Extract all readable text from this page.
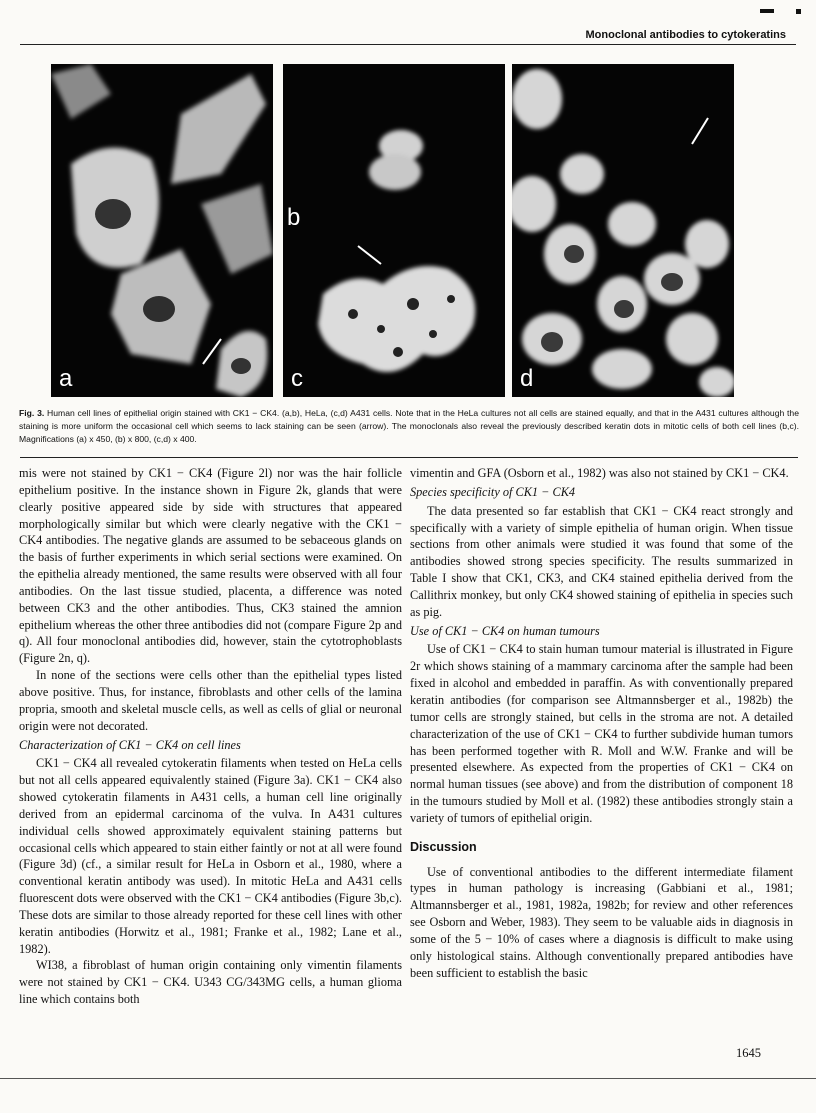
Monoclonal antibodies to cytokeratins
a
b
c	d
Fig. 3. Human cell lines of epithelial origin stained with CK1 − CK4. (a,b), HeLa, (c,d) A431 cells. Note that in the HeLa cultures not all cells are stained equally, and that in the A431 cultures although the staining is more uniform the occasional cell which seems to lack staining can be seen (arrow). The monoclonals also reveal the previously described keratin dots in mitotic cells of both cell lines (b,c). Magnifications (a) x 450, (b) x 800, (c,d) x 400.

mis were not stained by CK1 − CK4 (Figure 2l) nor was the hair follicle epithelium positive. In the instance shown in Figure 2k, glands that were clearly positive appeared side by side with structures that appeared morphologically similar but which were clearly negative with the CK1 − CK4 antibodies. The negative glands are assumed to be sebaceous glands on the basis of further experiments in which serial sections were examined. On the epithelia already mentioned, the same results were observed with all four antibodies. On the last tissue studied, placenta, a difference was noted between CK3 and the other antibodies. Thus, CK3 stained the amnion epithelium whereas the other three antibodies did not (compare Figure 2p and q). All four monoclonal antibodies did, however, stain the cytotrophoblasts (Figure 2n, q).

In none of the sections were cells other than the epithelial types listed above positive. Thus, for instance, fibroblasts and other cells of the lamina propria, smooth and skeletal muscle cells, as well as cells of glial or neuronal origin were not decorated.

Characterization of CK1 − CK4 on cell lines

CK1 − CK4 all revealed cytokeratin filaments when tested on HeLa cells but not all cells appeared equivalently stained (Figure 3a). CK1 − CK4 also showed cytokeratin filaments in A431 cells, a human cell line originally derived from an epidermal carcinoma of the vulva. In A431 cultures individual cells showed approximately equivalent staining patterns but occasional cells which appeared to stain either faintly or not at all were found (Figure 3d) (cf., a similar result for HeLa in Osborn et al., 1980, where a conventional keratin antibody was used). In mitotic HeLa and A431 cells fluorescent dots were observed with the CK1 − CK4 antibodies (Figure 3b,c). These dots are similar to those already reported for these cell lines with other keratin antibodies (Horwitz et al., 1981; Franke et al., 1982; Lane et al., 1982).

WI38, a fibroblast of human origin containing only vimentin filaments were not stained by CK1 − CK4. U343 CG/343MG cells, a human glioma line which contains both

vimentin and GFA (Osborn et al., 1982) was also not stained by CK1 − CK4.

Species specificity of CK1 − CK4

The data presented so far establish that CK1 − CK4 react strongly and specifically with a variety of simple epithelia of human origin. When tissue sections from other animals were studied it was found that some of the antibodies showed strong species specificity. The results summarized in Table I show that CK1, CK3, and CK4 stained epithelia derived from the Callithrix monkey, but only CK4 showed staining of epithelia in species such as pig.

Use of CK1 − CK4 on human tumours

Use of CK1 − CK4 to stain human tumour material is illustrated in Figure 2r which shows staining of a mammary carcinoma after the sample had been fixed in alcohol and embedded in paraffin. As with conventionally prepared keratin antibodies (for comparison see Altmannsberger et al., 1982b) the tumor cells are strongly stained, but cells in the stroma are not. A detailed characterization of the use of CK1 − CK4 to further subdivide human tumors has been performed together with R. Moll and W.W. Franke and will be presented elsewhere. As expected from the properties of CK1 − CK4 on normal human tissues (see above) and from the distribution of component 18 in the tumours studied by Moll et al. (1982) these antibodies strongly stain a variety of tumors of epithelial origin.

Discussion

Use of conventional antibodies to the different intermediate filament types in human pathology is increasing (Gabbiani et al., 1981; Altmannsberger et al., 1981, 1982a, 1982b; for review and other references see Osborn and Weber, 1983). They seem to be valuable aids in diagnosis in some of the 5 − 10% of cases where a diagnosis is difficult to make using only histological stains. Although conventionally prepared antibodies have been sufficient to establish the basic

1645
